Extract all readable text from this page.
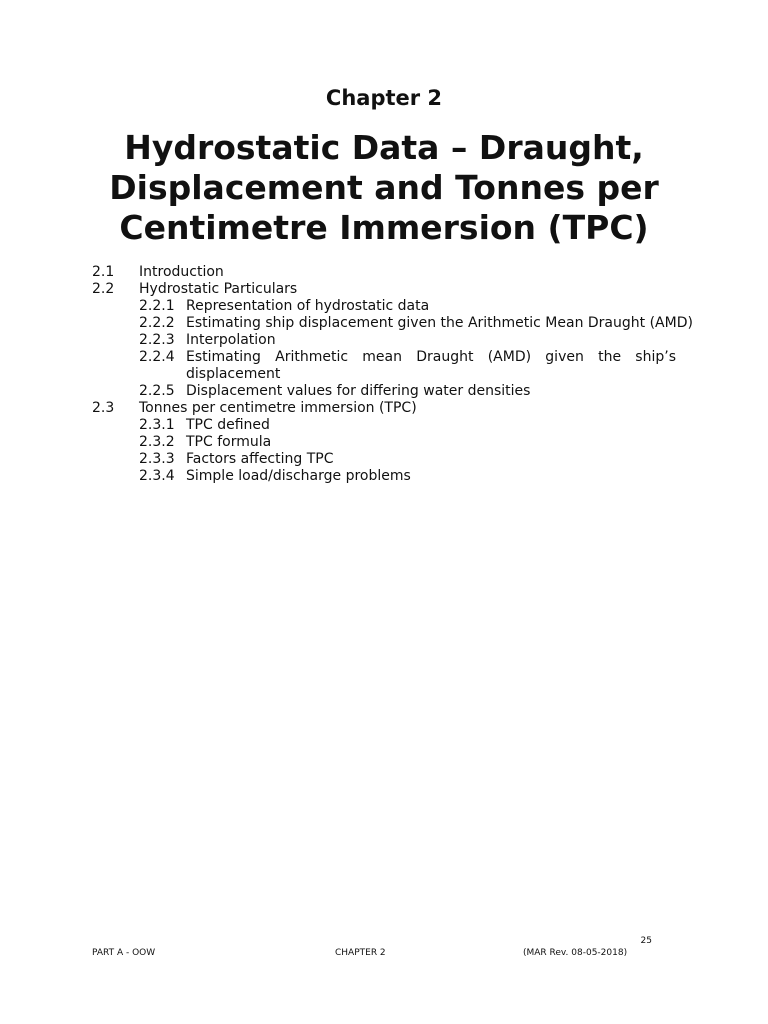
Chapter 2
Hydrostatic Data – Draught, Displacement and Tonnes per Centimetre Immersion (TPC)
2.1	Introduction
2.2	Hydrostatic Particulars
2.2.1 Representation of hydrostatic data
2.2.2 Estimating ship displacement given the Arithmetic Mean Draught (AMD)
2.2.3 Interpolation
2.2.4 Estimating Arithmetic mean Draught (AMD) given the ship’s displacement
2.2.5 Displacement values for differing water densities
2.3	Tonnes per centimetre immersion (TPC)
2.3.1 TPC defined
2.3.2 TPC formula
2.3.3 Factors affecting TPC
2.3.4 Simple load/discharge problems
25
PART A - OOW	CHAPTER 2	(MAR Rev. 08-05-2018)
